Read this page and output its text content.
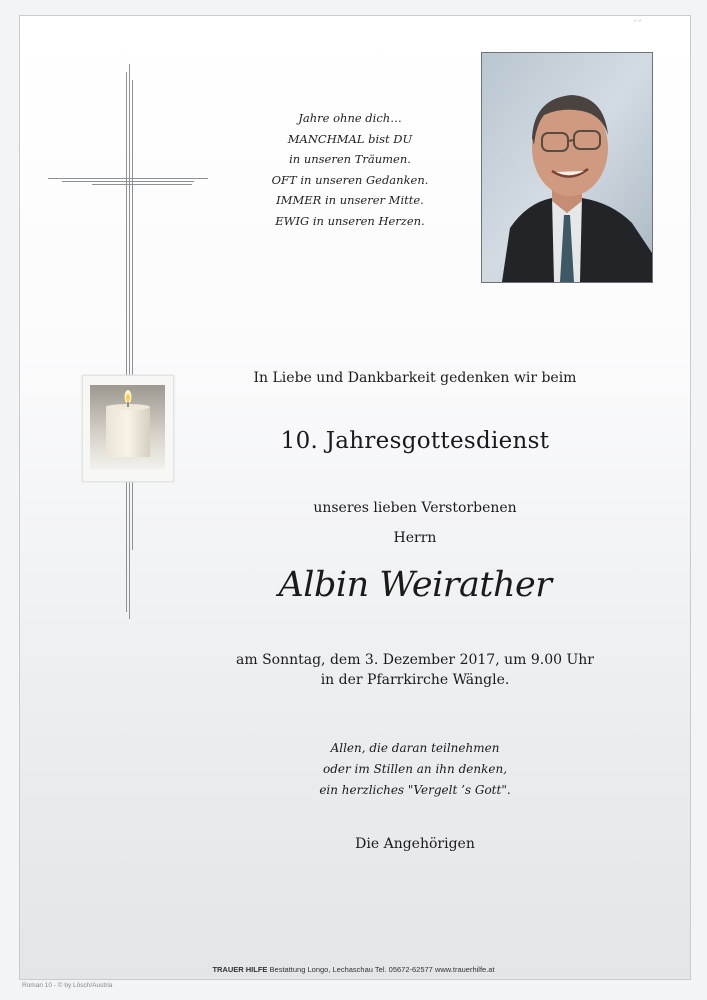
ˇˇ
Jahre ohne dich…
MANCHMAL bist DU
in unseren Träumen.
OFT in unseren Gedanken.
IMMER in unserer Mitte.
EWIG in unseren Herzen.
In Liebe und Dankbarkeit gedenken wir beim
10. Jahresgottesdienst
unseres lieben Verstorbenen
Herrn
Albin Weirather
am Sonntag, dem 3. Dezember 2017, um 9.00 Uhr
in der Pfarrkirche Wängle.
Allen, die daran teilnehmen
oder im Stillen an ihn denken,
ein herzliches "Vergelt ’s Gott".
Die Angehörigen
TRAUER HILFE Bestattung Longo, Lechaschau Tel. 05672-62577 www.trauerhilfe.at
Roman 10 - © by Lösch/Austria
